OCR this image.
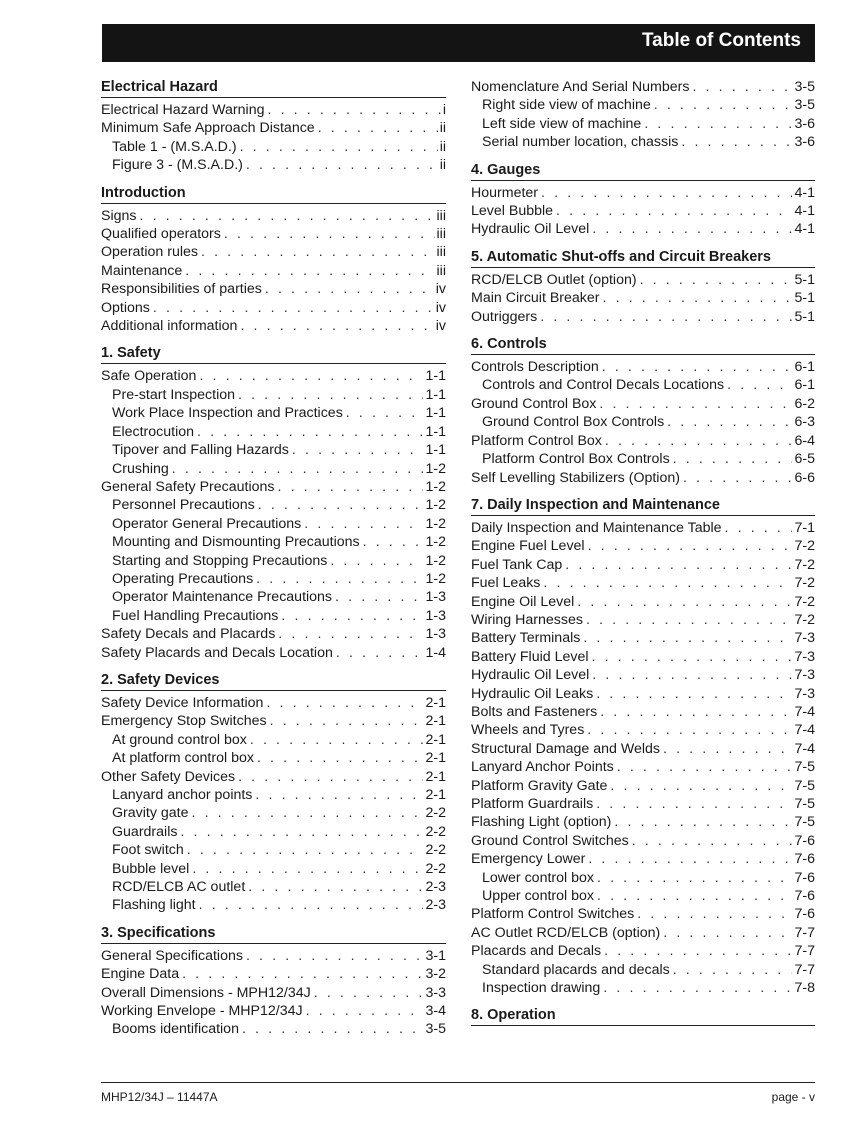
Table of Contents
Electrical Hazard
Electrical Hazard Warning . . .	i
Minimum Safe Approach Distance . . .	ii
Table 1 - (M.S.A.D.) . . .	ii
Figure 3 - (M.S.A.D.) . . .	ii
Introduction
Signs . . .	iii
Qualified operators . . .	iii
Operation rules . . .	iii
Maintenance . . .	iii
Responsibilities of parties . . .	iv
Options . . .	iv
Additional information . . .	iv
1. Safety
Safe Operation . . .	1-1
Pre-start Inspection . . .	1-1
Work Place Inspection and Practices . . .	1-1
Electrocution . . .	1-1
Tipover and Falling Hazards . . .	1-1
Crushing . . .	1-2
General Safety Precautions . . .	1-2
Personnel Precautions . . .	1-2
Operator General Precautions . . .	1-2
Mounting and Dismounting Precautions . . .	1-2
Starting and Stopping Precautions . . .	1-2
Operating Precautions . . .	1-2
Operator Maintenance Precautions . . .	1-3
Fuel Handling Precautions . . .	1-3
Safety Decals and Placards . . .	1-3
Safety Placards and Decals Location . . .	1-4
2. Safety Devices
Safety Device Information . . .	2-1
Emergency Stop Switches . . .	2-1
At ground control box . . .	2-1
At platform control box . . .	2-1
Other Safety Devices . . .	2-1
Lanyard anchor points . . .	2-1
Gravity gate . . .	2-2
Guardrails . . .	2-2
Foot switch . . .	2-2
Bubble level . . .	2-2
RCD/ELCB AC outlet . . .	2-3
Flashing light . . .	2-3
3. Specifications
General Specifications . . .	3-1
Engine Data . . .	3-2
Overall Dimensions - MPH12/34J . . .	3-3
Working Envelope - MHP12/34J . . .	3-4
Booms identification . . .	3-5
Nomenclature And Serial Numbers . . .	3-5
Right side view of machine . . .	3-5
Left side view of machine . . .	3-6
Serial number location, chassis . . .	3-6
4. Gauges
Hourmeter . . .	4-1
Level Bubble . . .	4-1
Hydraulic Oil Level . . .	4-1
5. Automatic Shut-offs and Circuit Breakers
RCD/ELCB Outlet (option) . . .	5-1
Main Circuit Breaker . . .	5-1
Outriggers . . .	5-1
6. Controls
Controls Description . . .	6-1
Controls and Control Decals Locations . . .	6-1
Ground Control Box . . .	6-2
Ground Control Box Controls . . .	6-3
Platform Control Box . . .	6-4
Platform Control Box Controls . . .	6-5
Self Levelling Stabilizers (Option) . . .	6-6
7. Daily Inspection and Maintenance
Daily Inspection and Maintenance Table . . .	7-1
Engine Fuel Level . . .	7-2
Fuel Tank Cap . . .	7-2
Fuel Leaks . . .	7-2
Engine Oil Level . . .	7-2
Wiring Harnesses . . .	7-2
Battery Terminals . . .	7-3
Battery Fluid Level . . .	7-3
Hydraulic Oil Level . . .	7-3
Hydraulic Oil Leaks . . .	7-3
Bolts and Fasteners . . .	7-4
Wheels and Tyres . . .	7-4
Structural Damage and Welds . . .	7-4
Lanyard Anchor Points . . .	7-5
Platform Gravity Gate . . .	7-5
Platform Guardrails . . .	7-5
Flashing Light (option) . . .	7-5
Ground Control Switches . . .	7-6
Emergency Lower . . .	7-6
Lower control box . . .	7-6
Upper control box . . .	7-6
Platform Control Switches . . .	7-6
AC Outlet RCD/ELCB (option) . . .	7-7
Placards and Decals . . .	7-7
Standard placards and decals . . .	7-7
Inspection drawing . . .	7-8
8. Operation
MHP12/34J – 11447A	page - v
